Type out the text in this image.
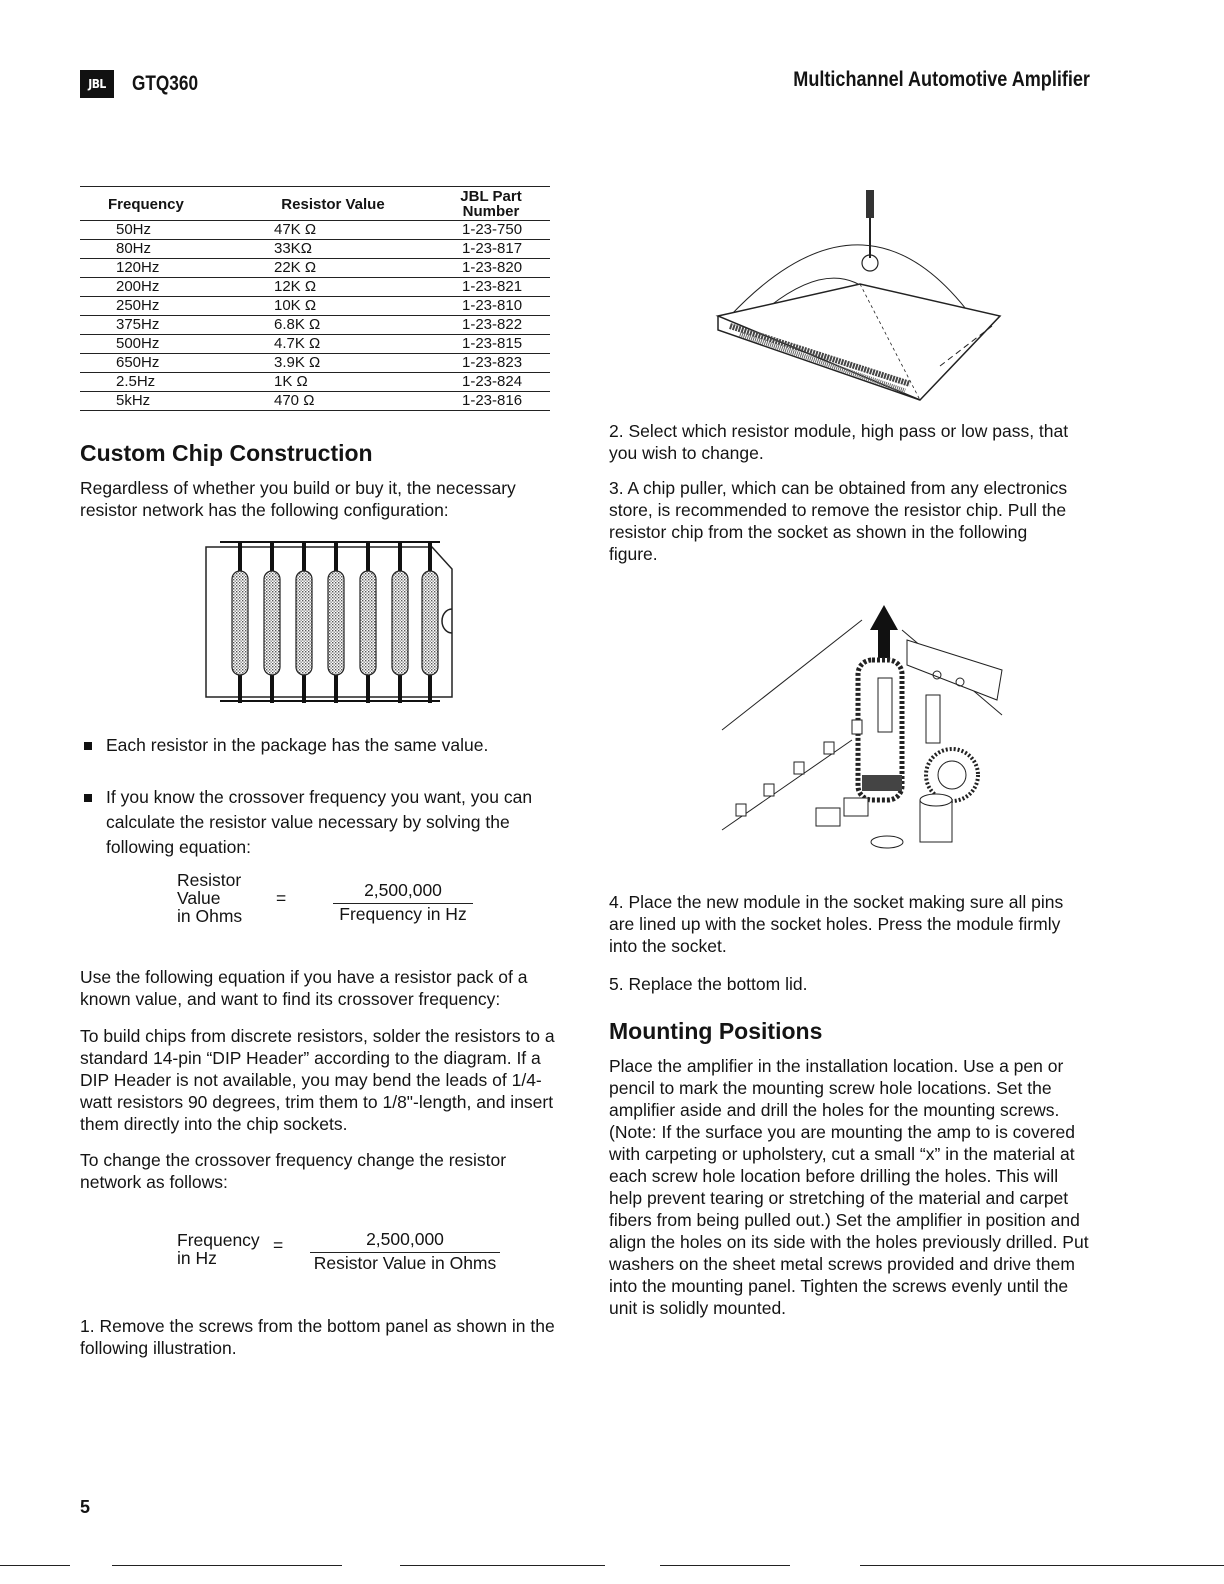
JBL	GTQ360	Multichannel Automotive Amplifier
Frequency	Resistor Value	JBL Part Number
50Hz	47K Ω	1-23-750
80Hz	33KΩ	1-23-817
120Hz	22K Ω	1-23-820
200Hz	12K Ω	1-23-821
250Hz	10K Ω	1-23-810
375Hz	6.8K Ω	1-23-822
500Hz	4.7K Ω	1-23-815
650Hz	3.9K Ω	1-23-823
2.5Hz	1K Ω	1-23-824
5kHz	470 Ω	1-23-816
Custom Chip Construction
Regardless of whether you build or buy it, the necessary resistor network has the following configuration:
Each resistor in the package has the same value.
If you know the crossover frequency you want, you can calculate the resistor value necessary by solving the following equation:
Resistor
Value
in Ohms
=	2,500,000
Frequency in Hz
Use the following equation if you have a resistor pack of a known value, and want to find its crossover frequency:
To build chips from discrete resistors, solder the resistors to a standard 14-pin “DIP Header” according to the diagram. If a DIP Header is not available, you may bend the leads of 1/4-watt resistors 90 degrees, trim them to 1/8"-length, and insert them directly into the chip sockets.
To change the crossover frequency change the resistor network as follows:
Frequency
in Hz
=	2,500,000
Resistor Value in Ohms
1. Remove the screws from the bottom panel as shown in the following illustration.
2. Select which resistor module, high pass or low pass, that you wish to change.
3. A chip puller, which can be obtained from any electronics store, is recommended to remove the resistor chip. Pull the resistor chip from the socket as shown in the following figure.
4. Place the new module in the socket making sure all pins are lined up with the socket holes. Press the module firmly into the socket.
5. Replace the bottom lid.
Mounting Positions
Place the amplifier in the installation location. Use a pen or pencil to mark the mounting screw hole locations. Set the amplifier aside and drill the holes for the mounting screws. (Note: If the surface you are mounting the amp to is covered with carpeting or upholstery, cut a small “x” in the material at each screw hole location before drilling the holes. This will help prevent tearing or stretching of the material and carpet fibers from being pulled out.) Set the amplifier in position and align the holes on its side with the holes previously drilled. Put washers on the sheet metal screws provided and drive them into the mounting panel. Tighten the screws evenly until the unit is solidly mounted.
5
